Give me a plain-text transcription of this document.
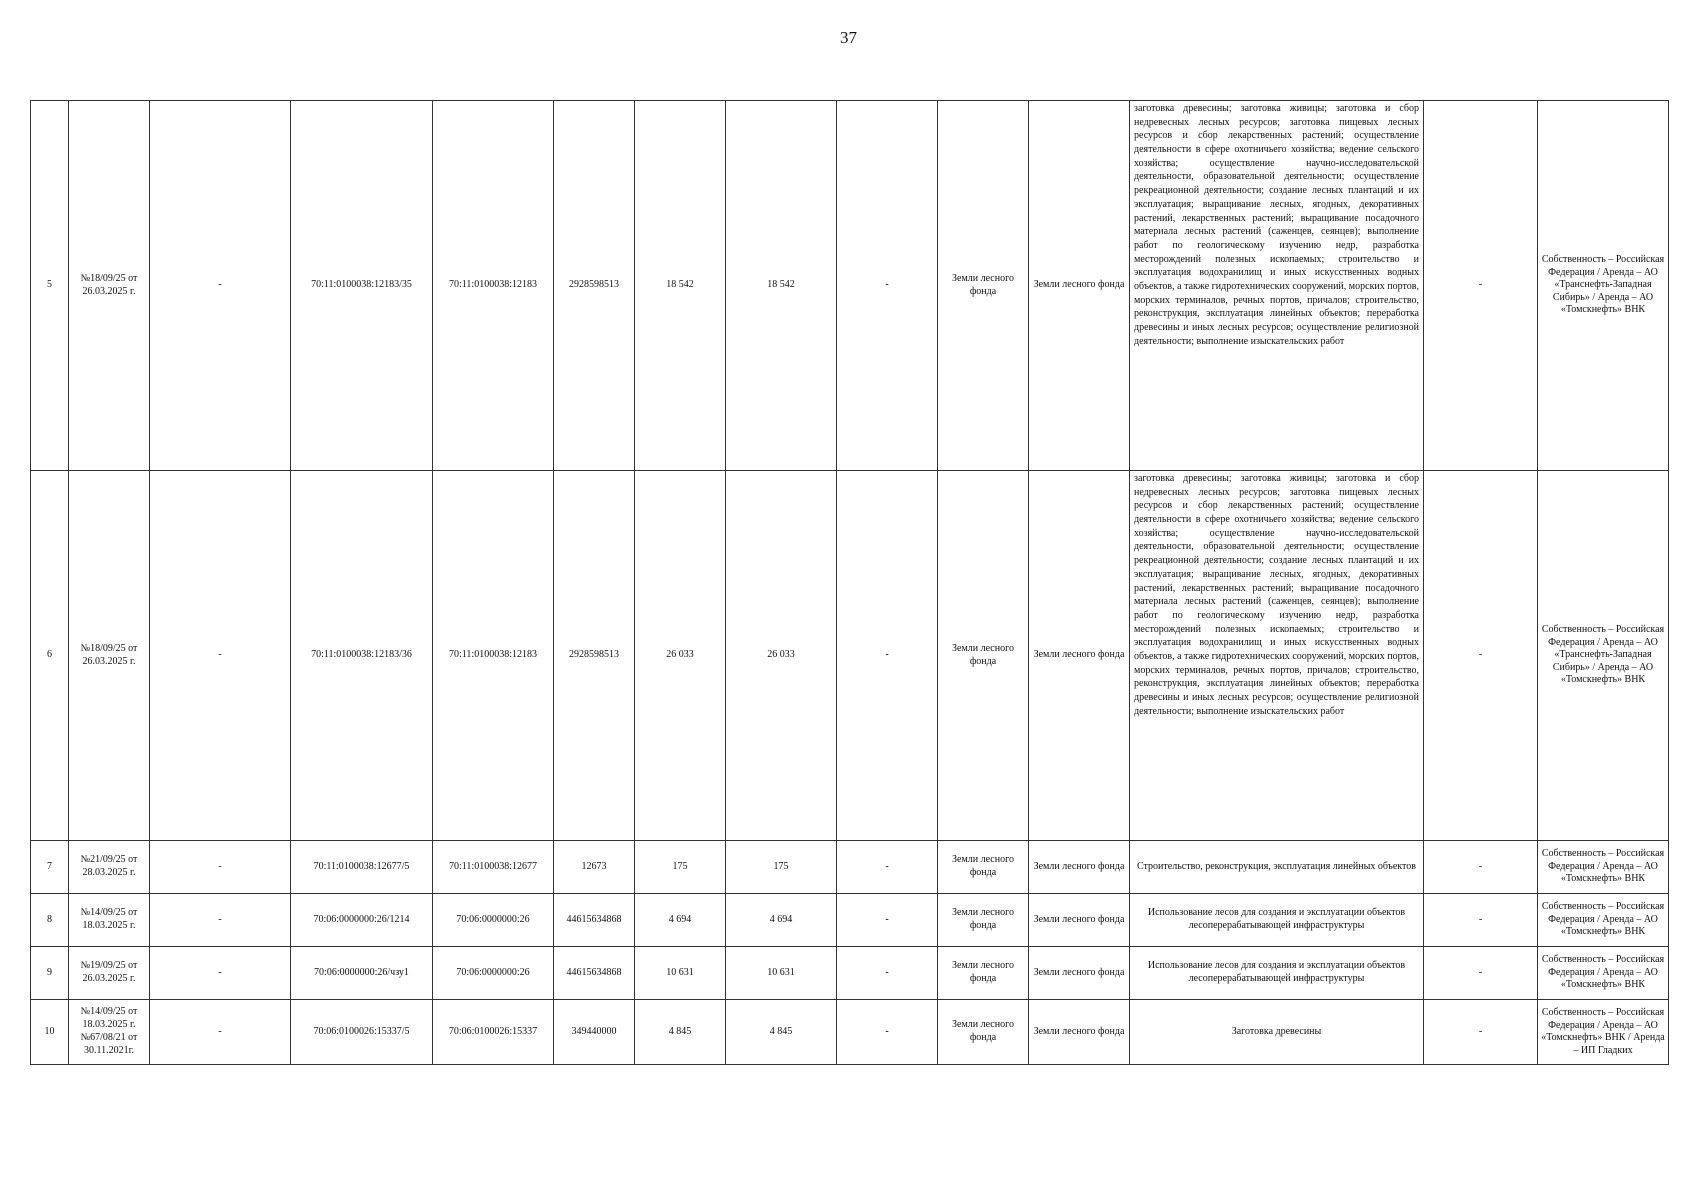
37
5	№18/09/25 от 26.03.2025 г.	-	70:11:0100038:12183/35	70:11:0100038:12183	2928598513	18 542	18 542	-	Земли лесного фонда	Земли лесного фонда	заготовка древесины; заготовка живицы; заготовка и сбор недревесных лесных ресурсов; заготовка пищевых лесных ресурсов и сбор лекарственных растений; осуществление деятельности в сфере охотничьего хозяйства; ведение сельского хозяйства; осуществление научно-исследовательской деятельности, образовательной деятельности; осуществление рекреационной деятельности; создание лесных плантаций и их эксплуатация; выращивание лесных, ягодных, декоративных растений, лекарственных растений; выращивание посадочного материала лесных растений (саженцев, сеянцев); выполнение работ по геологическому изучению недр, разработка месторождений полезных ископаемых; строительство и эксплуатация водохранилищ и иных искусственных водных объектов, а также гидротехнических сооружений, морских портов, морских терминалов, речных портов, причалов; строительство, реконструкция, эксплуатация линейных объектов; переработка древесины и иных лесных ресурсов; осуществление религиозной деятельности; выполнение изыскательских работ	-	Собственность – Российская Федерация / Аренда – АО «Транснефть-Западная Сибирь» / Аренда – АО «Томскнефть» ВНК
6	№18/09/25 от 26.03.2025 г.	-	70:11:0100038:12183/36	70:11:0100038:12183	2928598513	26 033	26 033	-	Земли лесного фонда	Земли лесного фонда	заготовка древесины; заготовка живицы; заготовка и сбор недревесных лесных ресурсов; заготовка пищевых лесных ресурсов и сбор лекарственных растений; осуществление деятельности в сфере охотничьего хозяйства; ведение сельского хозяйства; осуществление научно-исследовательской деятельности, образовательной деятельности; осуществление рекреационной деятельности; создание лесных плантаций и их эксплуатация; выращивание лесных, ягодных, декоративных растений, лекарственных растений; выращивание посадочного материала лесных растений (саженцев, сеянцев); выполнение работ по геологическому изучению недр, разработка месторождений полезных ископаемых; строительство и эксплуатация водохранилищ и иных искусственных водных объектов, а также гидротехнических сооружений, морских портов, морских терминалов, речных портов, причалов; строительство, реконструкция, эксплуатация линейных объектов; переработка древесины и иных лесных ресурсов; осуществление религиозной деятельности; выполнение изыскательских работ	-	Собственность – Российская Федерация / Аренда – АО «Транснефть-Западная Сибирь» / Аренда – АО «Томскнефть» ВНК
7	№21/09/25 от 28.03.2025 г.	-	70:11:0100038:12677/5	70:11:0100038:12677	12673	175	175	-	Земли лесного фонда	Земли лесного фонда	Строительство, реконструкция, эксплуатация линейных объектов	-	Собственность – Российская Федерация / Аренда – АО «Томскнефть» ВНК
8	№14/09/25 от 18.03.2025 г.	-	70:06:0000000:26/1214	70:06:0000000:26	44615634868	4 694	4 694	-	Земли лесного фонда	Земли лесного фонда	Использование лесов для создания и эксплуатации объектов лесоперерабатывающей инфраструктуры	-	Собственность – Российская Федерация / Аренда – АО «Томскнефть» ВНК
9	№19/09/25 от 26.03.2025 г.	-	70:06:0000000:26/чзу1	70:06:0000000:26	44615634868	10 631	10 631	-	Земли лесного фонда	Земли лесного фонда	Использование лесов для создания и эксплуатации объектов лесоперерабатывающей инфраструктуры	-	Собственность – Российская Федерация / Аренда – АО «Томскнефть» ВНК
10	№14/09/25 от 18.03.2025 г. №67/08/21 от 30.11.2021г.	-	70:06:0100026:15337/5	70:06:0100026:15337	349440000	4 845	4 845	-	Земли лесного фонда	Земли лесного фонда	Заготовка древесины	-	Собственность – Российская Федерация / Аренда – АО «Томскнефть» ВНК / Аренда – ИП Гладких
